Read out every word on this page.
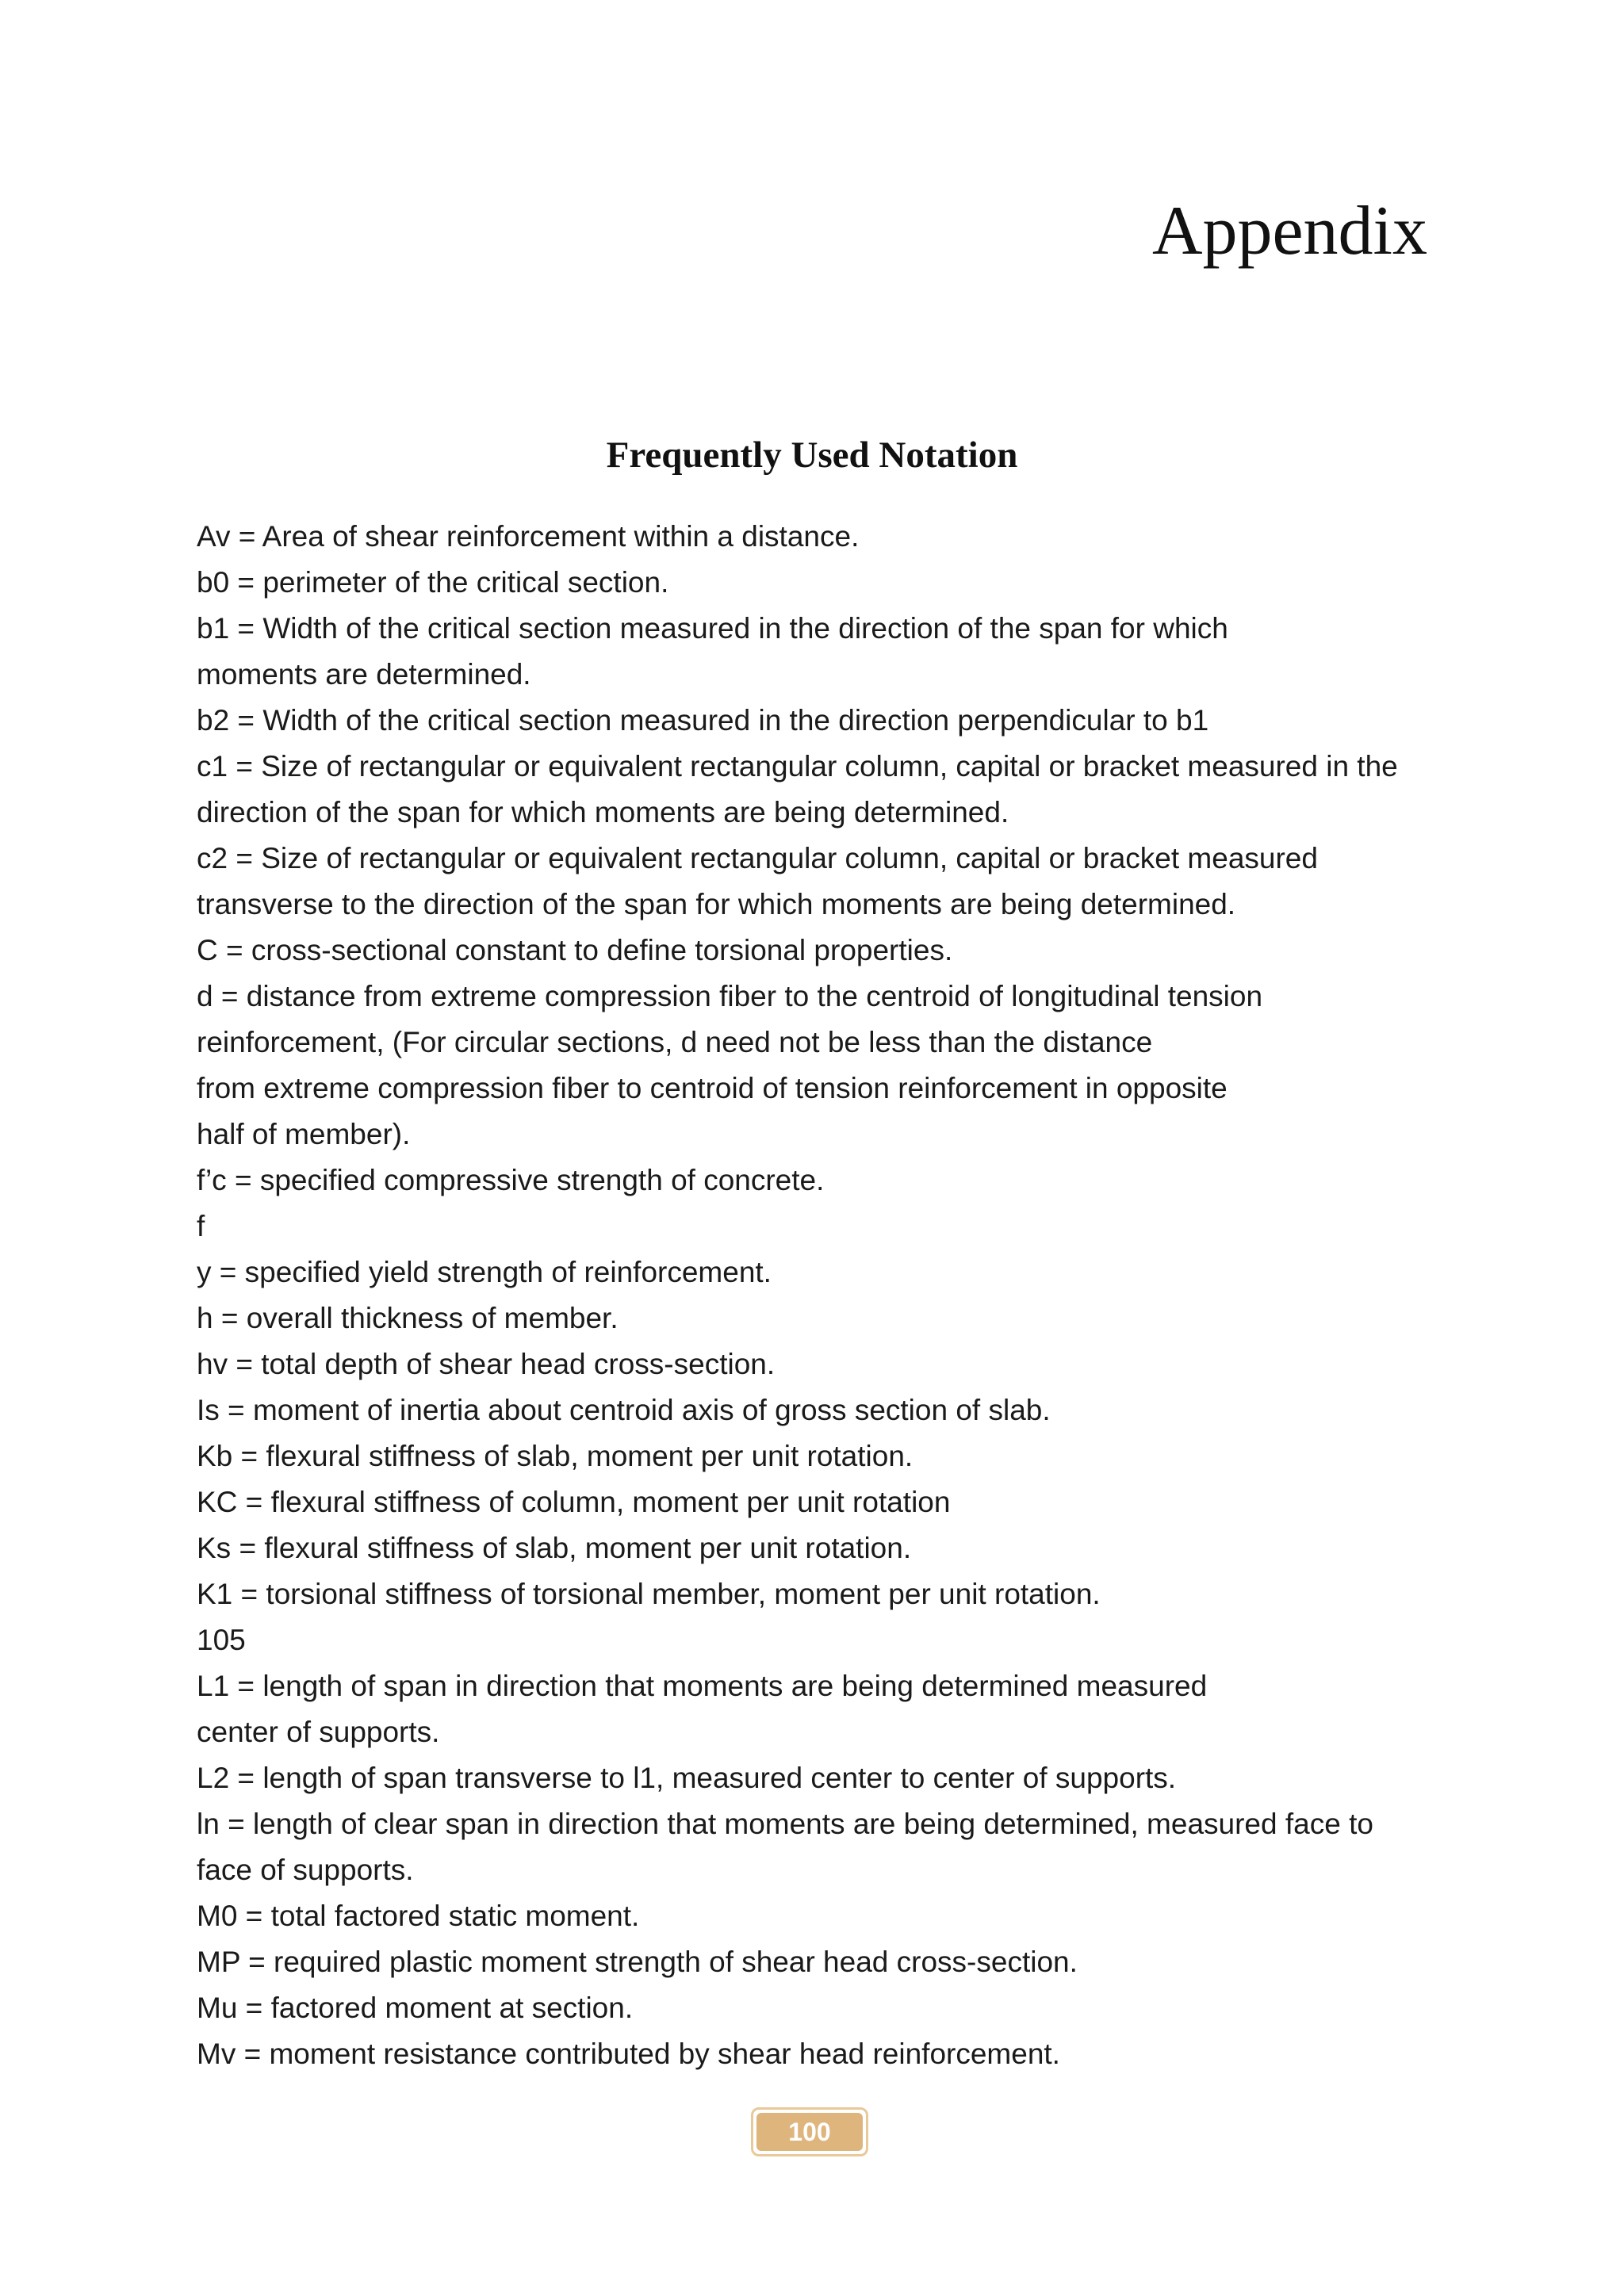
Appendix
Frequently Used Notation
Av = Area of shear reinforcement within a distance.
b0 = perimeter of the critical section.
b1 = Width of the critical section measured in the direction of the span for which
moments are determined.
b2 = Width of the critical section measured in the direction perpendicular to b1
c1 = Size of rectangular or equivalent rectangular column, capital or bracket measured in the
direction of the span for which moments are being determined.
c2 = Size of rectangular or equivalent rectangular column, capital or bracket measured
transverse to the direction of the span for which moments are being determined.
C = cross-sectional constant to define torsional properties.
d = distance from extreme compression fiber to the centroid of longitudinal tension
reinforcement, (For circular sections, d need not be less than the distance
from extreme compression fiber to centroid of tension reinforcement in opposite
half of member).
f’c = specified compressive strength of concrete.
f
y = specified yield strength of reinforcement.
h = overall thickness of member.
hv = total depth of shear head cross-section.
Is = moment of inertia about centroid axis of gross section of slab.
Kb = flexural stiffness of slab, moment per unit rotation.
KC = flexural stiffness of column, moment per unit rotation
Ks = flexural stiffness of slab, moment per unit rotation.
K1 = torsional stiffness of torsional member, moment per unit rotation.
105
L1 = length of span in direction that moments are being determined measured
center of supports.
L2 = length of span transverse to l1, measured center to center of supports.
ln = length of clear span in direction that moments are being determined, measured face to
face of supports.
M0 = total factored static moment.
MP = required plastic moment strength of shear head cross-section.
Mu = factored moment at section.
Mv = moment resistance contributed by shear head reinforcement.
100
